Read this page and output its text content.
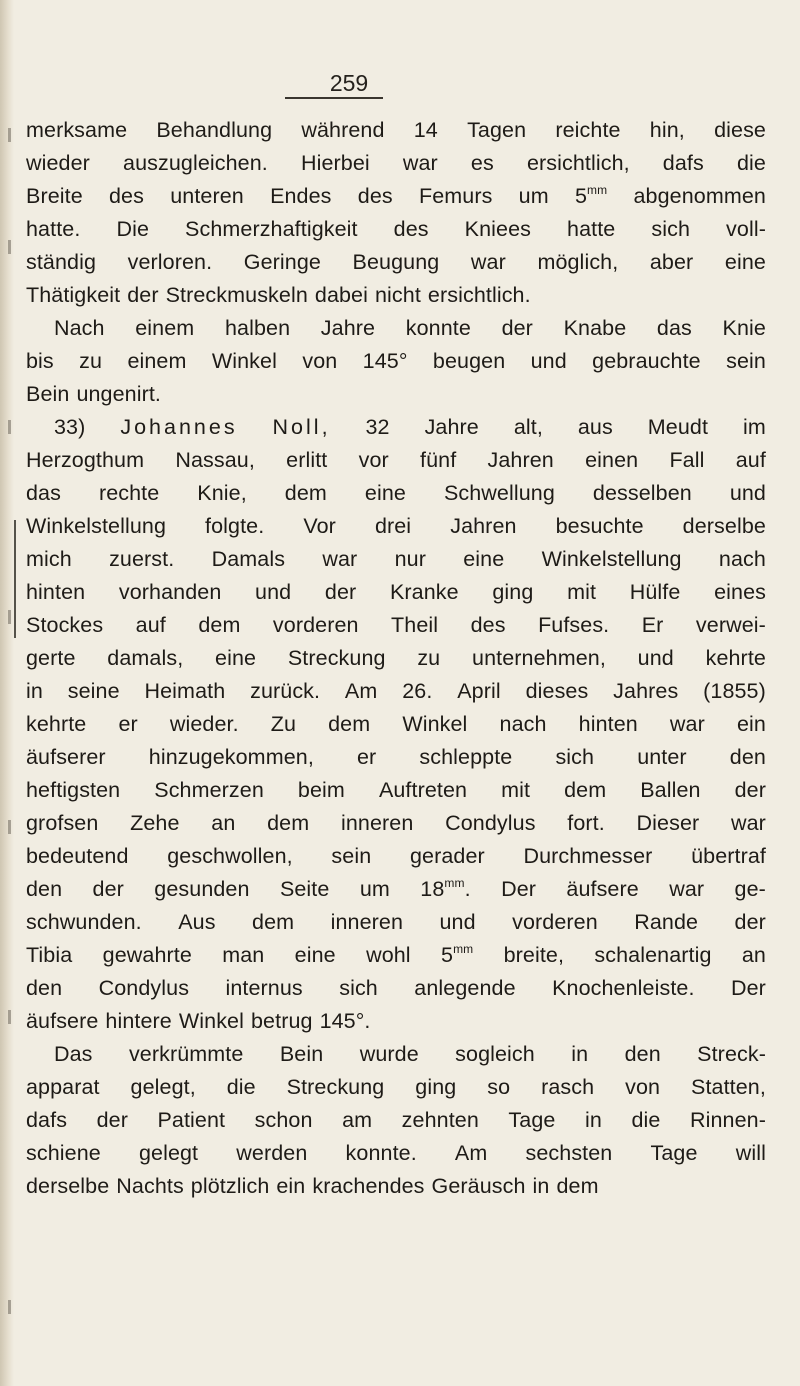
259
merksame Behandlung während 14 Tagen reichte hin, diese
wieder auszugleichen. Hierbei war es ersichtlich, dafs die
Breite des unteren Endes des Femurs um $5^{mm}$ abgenommen
hatte. Die Schmerzhaftigkeit des Kniees hatte sich voll-
ständig verloren. Geringe Beugung war möglich, aber eine
Thätigkeit der Streckmuskeln dabei nicht ersichtlich.
Nach einem halben Jahre konnte der Knabe das Knie
bis zu einem Winkel von 145° beugen und gebrauchte sein
Bein ungenirt.
33) Johannes Noll, 32 Jahre alt, aus Meudt im
Herzogthum Nassau, erlitt vor fünf Jahren einen Fall auf
das rechte Knie, dem eine Schwellung desselben und
Winkelstellung folgte. Vor drei Jahren besuchte derselbe
mich zuerst. Damals war nur eine Winkelstellung nach
hinten vorhanden und der Kranke ging mit Hülfe eines
Stockes auf dem vorderen Theil des Fufses. Er verwei-
gerte damals, eine Streckung zu unternehmen, und kehrte
in seine Heimath zurück. Am 26. April dieses Jahres (1855)
kehrte er wieder. Zu dem Winkel nach hinten war ein
äufserer hinzugekommen, er schleppte sich unter den
heftigsten Schmerzen beim Auftreten mit dem Ballen der
grofsen Zehe an dem inneren Condylus fort. Dieser war
bedeutend geschwollen, sein gerader Durchmesser übertraf
den der gesunden Seite um $18^{mm}$. Der äufsere war ge-
schwunden. Aus dem inneren und vorderen Rande der
Tibia gewahrte man eine wohl $5^{mm}$ breite, schalenartig an
den Condylus internus sich anlegende Knochenleiste. Der
äufsere hintere Winkel betrug 145°.
Das verkrümmte Bein wurde sogleich in den Streck-
apparat gelegt, die Streckung ging so rasch von Statten,
dafs der Patient schon am zehnten Tage in die Rinnen-
schiene gelegt werden konnte. Am sechsten Tage will
derselbe Nachts plötzlich ein krachendes Geräusch in dem
